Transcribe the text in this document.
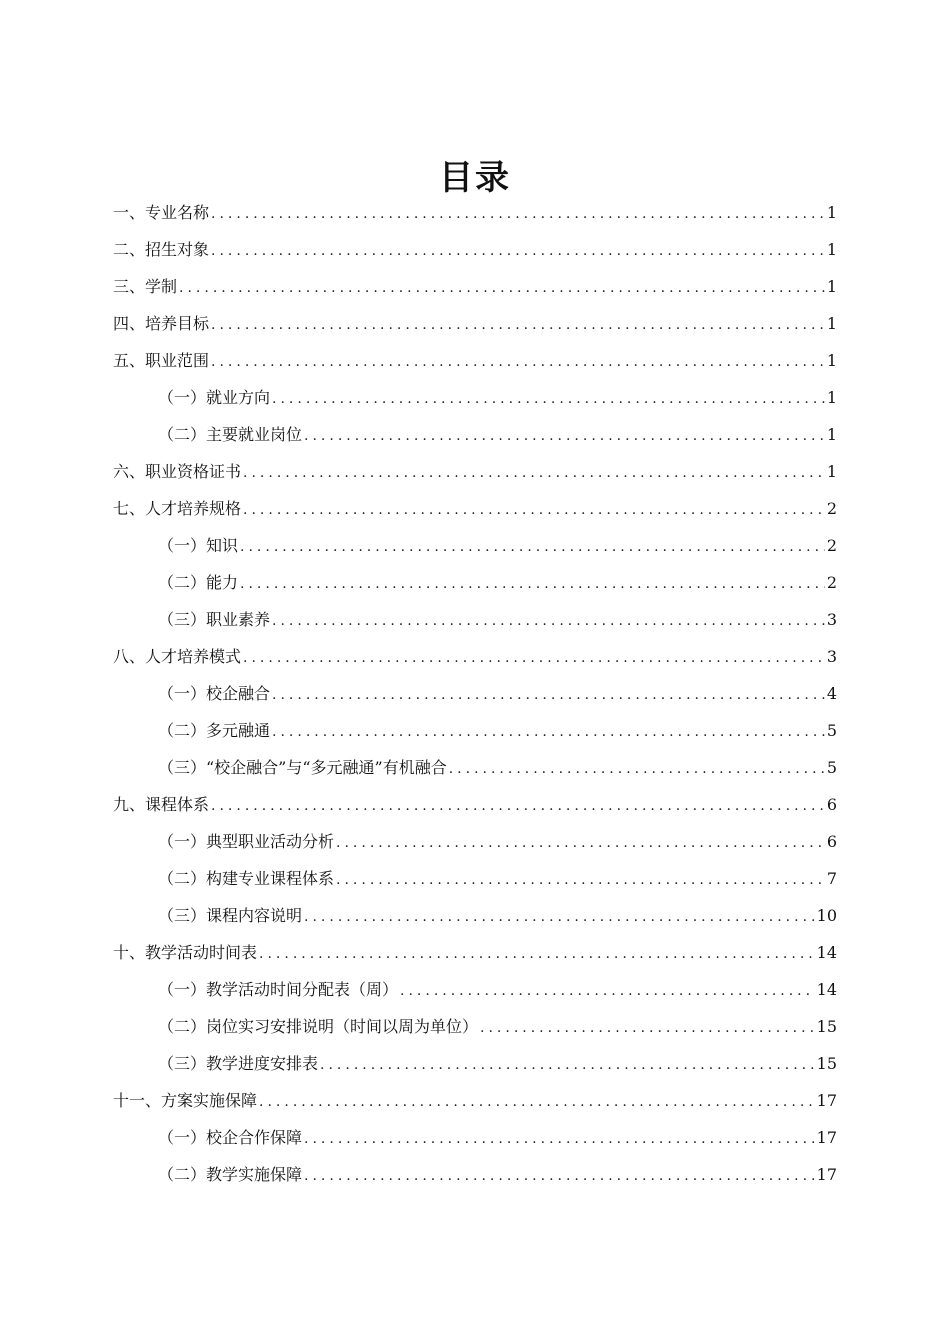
目录
一、专业名称 .....	1
二、招生对象 .....	1
三、学制 .....	1
四、培养目标 .....	1
五、职业范围 .....	1
（一）就业方向 .....	1
（二）主要就业岗位 .....	1
六、职业资格证书 .....	1
七、人才培养规格 .....	2
（一）知识 .....	2
（二）能力 .....	2
（三）职业素养 .....	3
八、人才培养模式 .....	3
（一）校企融合 .....	4
（二）多元融通 .....	5
（三）“校企融合”与“多元融通”有机融合 .....	5
九、课程体系 .....	6
（一）典型职业活动分析 .....	6
（二）构建专业课程体系 .....	7
（三）课程内容说明 .....	10
十、教学活动时间表 .....	14
（一）教学活动时间分配表（周） .....	14
（二）岗位实习安排说明（时间以周为单位） .....	15
（三）教学进度安排表 .....	15
十一、方案实施保障 .....	17
（一）校企合作保障 .....	17
（二）教学实施保障 .....	17
